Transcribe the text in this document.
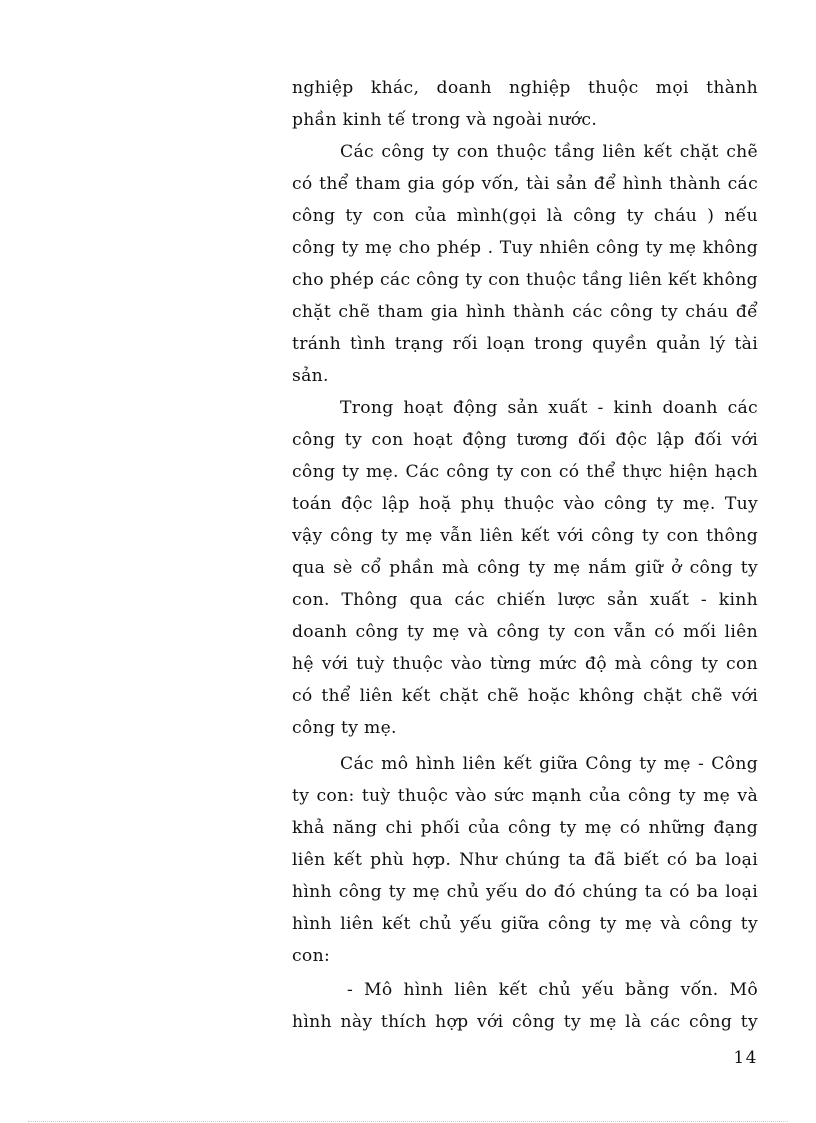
nghiệp khác, doanh nghiệp thuộc mọi thành
phần kinh tế trong và ngoài nước.
Các công ty con thuộc tầng liên kết chặt chẽ
có thể tham gia góp vốn, tài sản để hình thành các
công ty con của mình(gọi là công ty cháu ) nếu
công ty mẹ cho phép . Tuy nhiên công ty mẹ không
cho phép các công ty con thuộc tầng liên kết không
chặt chẽ tham gia hình thành các công ty cháu để
tránh tình trạng rối loạn trong quyền quản lý tài
sản.
Trong hoạt động sản xuất - kinh doanh các
công ty con hoạt động tương đối độc lập đối với
công ty mẹ. Các công ty con có thể thực hiện hạch
toán độc lập hoặ phụ thuộc vào công ty mẹ. Tuy
vậy công ty mẹ vẫn liên kết với công ty con thông
qua sè cổ phần mà công ty mẹ nắm giữ ở công ty
con. Thông qua các chiến lược sản xuất - kinh
doanh công ty mẹ và công ty con vẫn có mối liên
hệ với tuỳ thuộc vào từng mức độ mà công ty con
có thể liên kết chặt chẽ hoặc không chặt chẽ với
công ty mẹ.
Các mô hình liên kết giữa Công ty mẹ - Công
ty con: tuỳ thuộc vào sức mạnh của công ty mẹ và
khả năng chi phối của công ty mẹ có những đạng
liên kết phù hợp. Như chúng ta đã biết có ba loại
hình công ty mẹ chủ yếu do đó chúng ta có ba loại
hình liên kết chủ yếu giữa công ty mẹ và công ty
con:
- Mô hình liên kết chủ yếu bằng vốn. Mô
hình này thích hợp với công ty mẹ là các công ty
14
